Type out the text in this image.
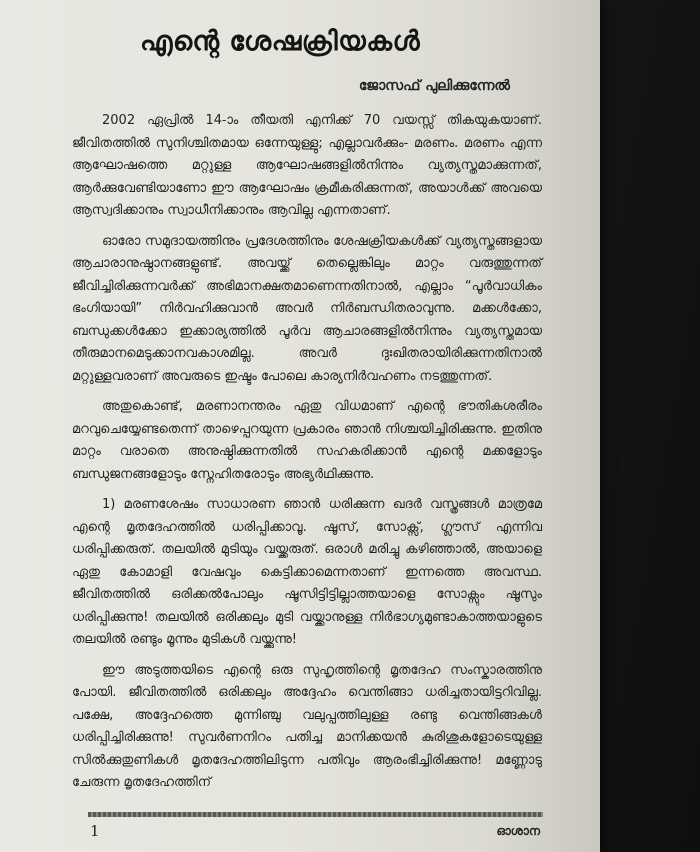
എന്റെ ശേഷക്രിയകൾ

ജോസഫ് പുലിക്കുന്നേൽ

2002 ഏപ്രിൽ 14-ാം തീയതി എനിക്ക് 70 വയസ്സ് തികയുകയാണ്. ജീവിതത്തിൽ സുനിശ്ചിതമായ ഒന്നേയുള്ളു; എല്ലാവർക്കും- മരണം. മരണം എന്ന ആഘോഷത്തെ മറ്റുള്ള ആഘോഷങ്ങളിൽനിന്നും വ്യത്യസ്തമാക്കുന്നത്, ആർക്കുവേണ്ടിയാണോ ഈ ആഘോഷം ക്രമീകരിക്കുന്നത്, അയാൾക്ക് അവയെ ആസ്വദിക്കാനും സ്വാധീനിക്കാനും ആവില്ല എന്നതാണ്.

ഓരോ സമുദായത്തിനും പ്രദേശത്തിനും ശേഷക്രിയകൾക്ക് വ്യത്യസ്തങ്ങളായ ആചാരാനുഷ്ഠാനങ്ങളുണ്ട്. അവയ്ക്ക് തെല്ലെങ്കിലും മാറ്റം വരുത്തുന്നത് ജീവിച്ചിരിക്കുന്നവർക്ക് അഭിമാനക്ഷതമാണെന്നതിനാൽ, എല്ലാം “പൂർവാധികം ഭംഗിയായി” നിർവഹിക്കുവാൻ അവർ നിർബന്ധിതരാവുന്നു. മക്കൾക്കോ, ബന്ധുക്കൾക്കോ ഇക്കാര്യത്തിൽ പൂർവ ആചാരങ്ങളിൽനിന്നും വ്യത്യസ്തമായ തീരുമാനമെടുക്കാനവകാശമില്ല. അവർ ദുഃഖിതരായിരിക്കുന്നതിനാൽ മറ്റുള്ളവരാണ് അവരുടെ ഇഷ്ടം പോലെ കാര്യനിർവഹണം നടത്തുന്നത്.

അതുകൊണ്ട്, മരണാനന്തരം ഏതു വിധമാണ് എന്റെ ഭൗതികശരീരം മറവുചെയ്യേണ്ടതെന്ന് താഴെപ്പറയുന്ന പ്രകാരം ഞാൻ നിശ്ചയിച്ചിരിക്കുന്നു. ഇതിനു മാറ്റം വരാതെ അനുഷ്ഠിക്കുന്നതിൽ സഹകരിക്കാൻ എന്റെ മക്കളോടും ബന്ധുജനങ്ങളോടും സ്നേഹിതരോടും അഭ്യർഥിക്കുന്നു.

1) മരണശേഷം സാധാരണ ഞാൻ ധരിക്കുന്ന ഖദർ വസ്ത്രങ്ങൾ മാത്രമേ എന്റെ മൃതദേഹത്തിൽ ധരിപ്പിക്കാവൂ. ഷൂസ്, സോക്സ്, ഗ്ലൗസ് എന്നിവ ധരിപ്പിക്കരുത്. തലയിൽ മുടിയും വയ്ക്കരുത്. ഒരാൾ മരിച്ചു കഴിഞ്ഞാൽ, അയാളെ ഏതു കോമാളി വേഷവും കെട്ടിക്കാമെന്നതാണ് ഇന്നത്തെ അവസ്ഥ. ജീവിതത്തിൽ ഒരിക്കൽപോലും ഷൂസിട്ടിട്ടില്ലാത്തയാളെ സോക്സും ഷൂസും ധരിപ്പിക്കുന്നു! തലയിൽ ഒരിക്കലും മുടി വയ്ക്കാനുള്ള നിർഭാഗ്യമുണ്ടാകാത്തയാളുടെ തലയിൽ രണ്ടും മൂന്നും മുടികൾ വയ്ക്കുന്നു!

ഈ അടുത്തയിടെ എന്റെ ഒരു സുഹൃത്തിന്റെ മൃതദേഹ സംസ്കാരത്തിനു പോയി. ജീവിതത്തിൽ ഒരിക്കലും അദ്ദേഹം വെന്തിങ്ങാ ധരിച്ചതായിട്ടറിവില്ല. പക്ഷേ, അദ്ദേഹത്തെ മുന്നിഞ്ചു വലുപ്പത്തിലുള്ള രണ്ടു വെന്തിങ്ങകൾ ധരിപ്പിച്ചിരിക്കുന്നു! സുവർണനിറം പതിച്ച മാനിക്കയൻ കുരിശുകളോടെയുള്ള സിൽക്കുതുണികൾ മൃതദേഹത്തിലിടുന്ന പതിവും ആരംഭിച്ചിരിക്കുന്നു! മണ്ണോടു ചേരുന്ന മൃതദേഹത്തിന്

1	ഓശാന
